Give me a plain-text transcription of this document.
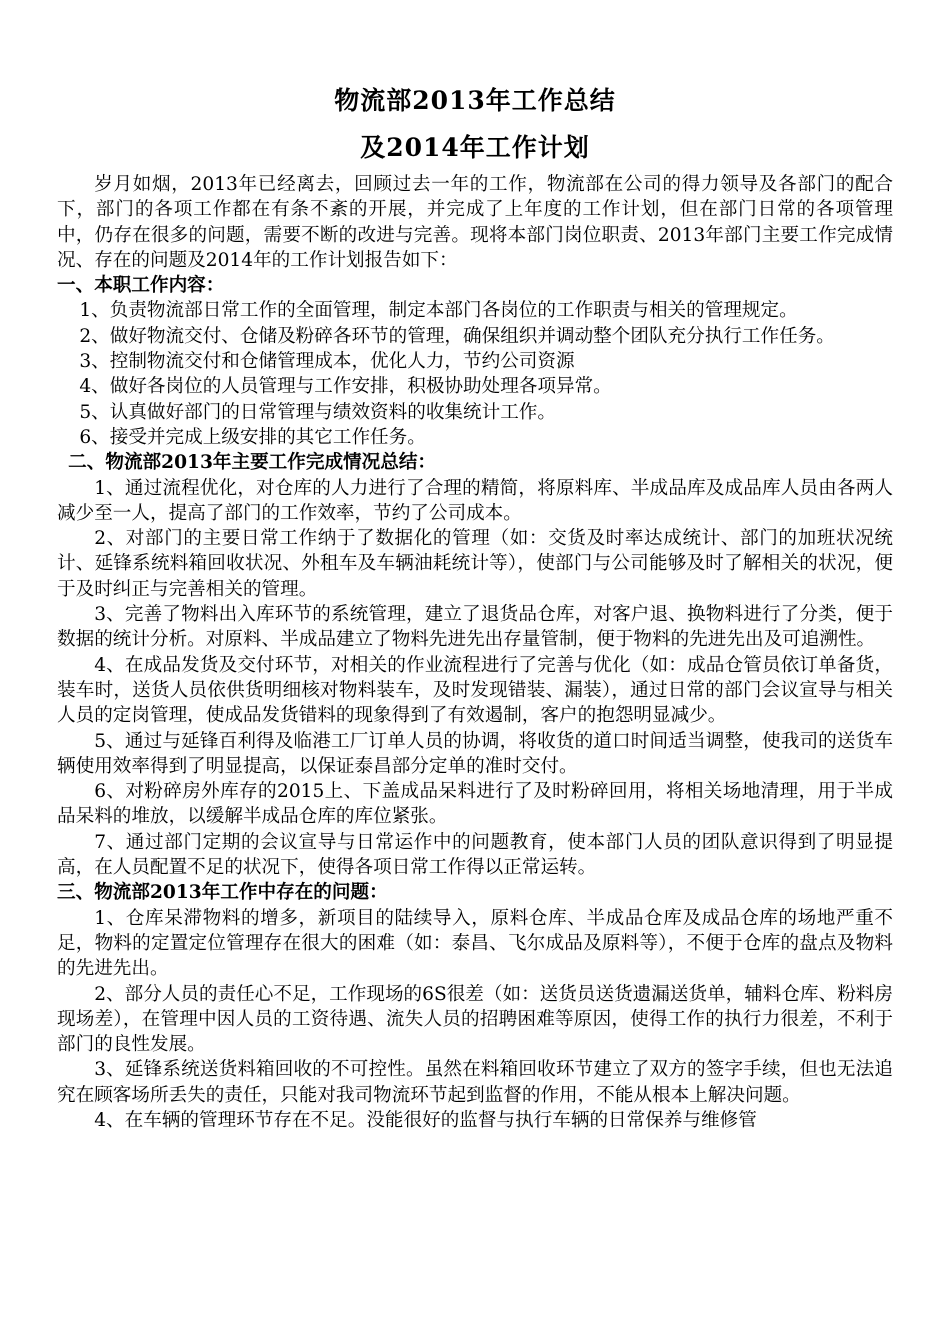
物流部2013年工作总结
及2014年工作计划

岁月如烟，2013年已经离去，回顾过去一年的工作，物流部在公司的得力领导及各部门的配合下，部门的各项工作都在有条不紊的开展，并完成了上年度的工作计划，但在部门日常的各项管理中，仍存在很多的问题，需要不断的改进与完善。现将本部门岗位职责、2013年部门主要工作完成情况、存在的问题及2014年的工作计划报告如下：

一、本职工作内容：

1、负责物流部日常工作的全面管理，制定本部门各岗位的工作职责与相关的管理规定。

2、做好物流交付、仓储及粉碎各环节的管理，确保组织并调动整个团队充分执行工作任务。

3、控制物流交付和仓储管理成本，优化人力，节约公司资源

4、做好各岗位的人员管理与工作安排，积极协助处理各项异常。

5、认真做好部门的日常管理与绩效资料的收集统计工作。

6、接受并完成上级安排的其它工作任务。

二、物流部2013年主要工作完成情况总结：

1、通过流程优化，对仓库的人力进行了合理的精简，将原料库、半成品库及成品库人员由各两人减少至一人，提高了部门的工作效率，节约了公司成本。

2、对部门的主要日常工作纳于了数据化的管理（如：交货及时率达成统计、部门的加班状况统计、延锋系统料箱回收状况、外租车及车辆油耗统计等），使部门与公司能够及时了解相关的状况，便于及时纠正与完善相关的管理。

3、完善了物料出入库环节的系统管理，建立了退货品仓库，对客户退、换物料进行了分类，便于数据的统计分析。对原料、半成品建立了物料先进先出存量管制，便于物料的先进先出及可追溯性。

4、在成品发货及交付环节，对相关的作业流程进行了完善与优化（如：成品仓管员依订单备货，装车时，送货人员依供货明细核对物料装车，及时发现错装、漏装），通过日常的部门会议宣导与相关人员的定岗管理，使成品发货错料的现象得到了有效遏制，客户的抱怨明显减少。

5、通过与延锋百利得及临港工厂订单人员的协调，将收货的道口时间适当调整，使我司的送货车辆使用效率得到了明显提高，以保证泰昌部分定单的准时交付。

6、对粉碎房外库存的2015上、下盖成品呆料进行了及时粉碎回用，将相关场地清理，用于半成品呆料的堆放，以缓解半成品仓库的库位紧张。

7、通过部门定期的会议宣导与日常运作中的问题教育，使本部门人员的团队意识得到了明显提高，在人员配置不足的状况下，使得各项日常工作得以正常运转。

三、物流部2013年工作中存在的问题：

1、仓库呆滞物料的增多，新项目的陆续导入，原料仓库、半成品仓库及成品仓库的场地严重不足，物料的定置定位管理存在很大的困难（如：泰昌、飞尔成品及原料等），不便于仓库的盘点及物料的先进先出。

2、部分人员的责任心不足，工作现场的6S很差（如：送货员送货遗漏送货单，辅料仓库、粉料房现场差），在管理中因人员的工资待遇、流失人员的招聘困难等原因，使得工作的执行力很差，不利于部门的良性发展。

3、延锋系统送货料箱回收的不可控性。虽然在料箱回收环节建立了双方的签字手续，但也无法追究在顾客场所丢失的责任，只能对我司物流环节起到监督的作用，不能从根本上解决问题。

4、在车辆的管理环节存在不足。没能很好的监督与执行车辆的日常保养与维修管
